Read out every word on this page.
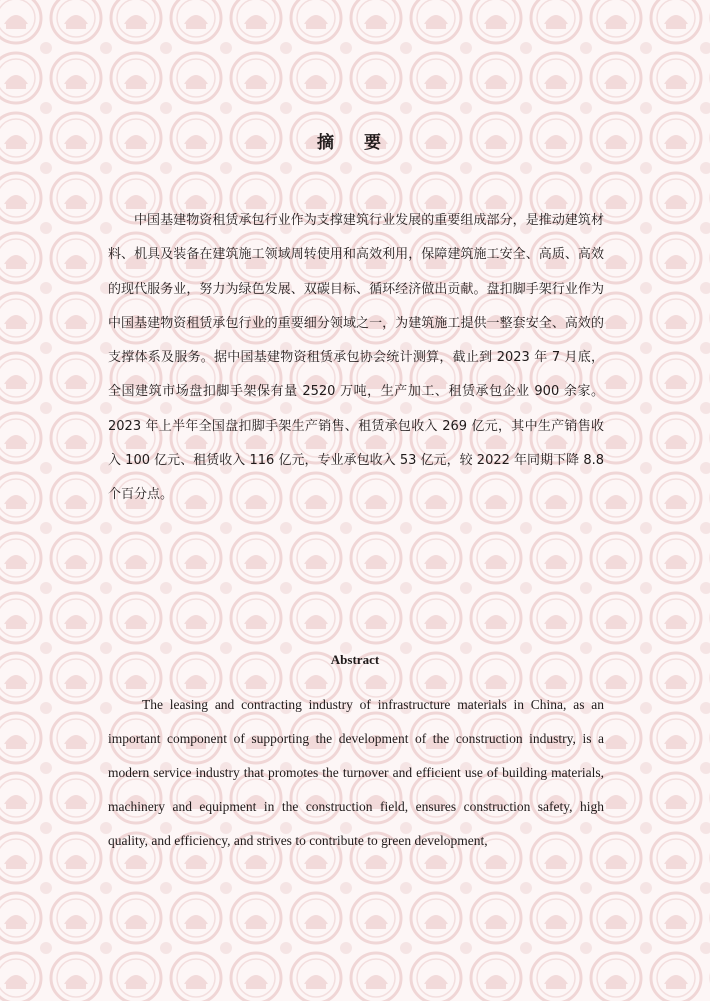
摘 要

中国基建物资租赁承包行业作为支撑建筑行业发展的重要组成部分，是推动建筑材料、机具及装备在建筑施工领域周转使用和高效利用，保障建筑施工安全、高质、高效的现代服务业，努力为绿色发展、双碳目标、循环经济做出贡献。盘扣脚手架行业作为中国基建物资租赁承包行业的重要细分领域之一，为建筑施工提供一整套安全、高效的支撑体系及服务。据中国基建物资租赁承包协会统计测算，截止到 2023 年 7 月底，全国建筑市场盘扣脚手架保有量 2520 万吨，生产加工、租赁承包企业 900 余家。2023 年上半年全国盘扣脚手架生产销售、租赁承包收入 269 亿元，其中生产销售收入 100 亿元、租赁收入 116 亿元，专业承包收入 53 亿元，较 2022 年同期下降 8.8 个百分点。

Abstract

The leasing and contracting industry of infrastructure materials in China, as an important component of supporting the development of the construction industry, is a modern service industry that promotes the turnover and efficient use of building materials, machinery and equipment in the construction field, ensures construction safety, high quality, and efficiency, and strives to contribute to green development,
